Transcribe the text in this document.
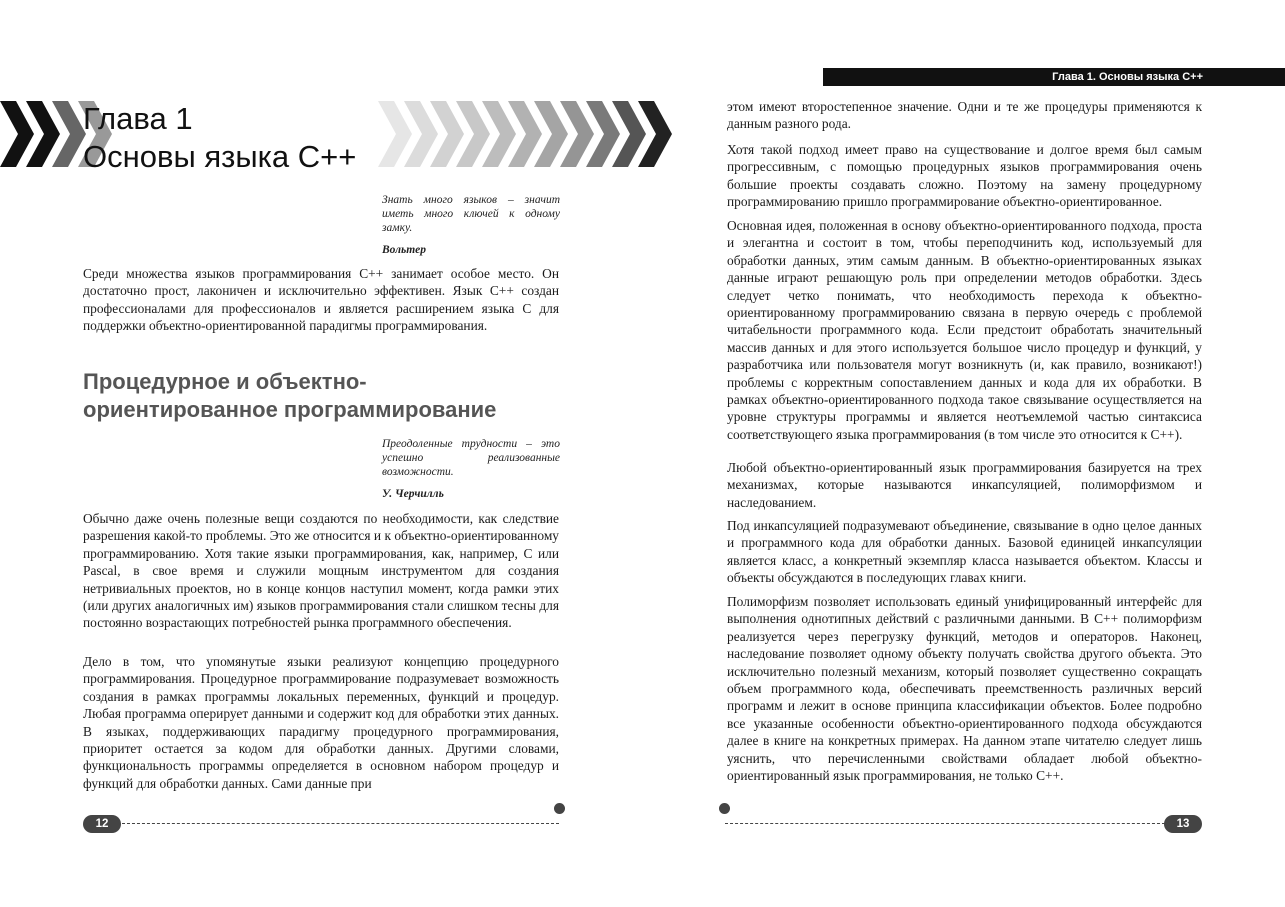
Глава 1
Основы языка С++
Знать много языков – значит иметь много ключей к одному замку.
Вольтер

Среди множества языков программирования С++ занимает особое место. Он достаточно прост, лаконичен и исключительно эффективен. Язык С++ создан профессионалами для профессионалов и является расширением языка С для поддержки объектно-ориентированной парадигмы программирования.

Процедурное и объектно-
ориентированное программирование
Преодоленные трудности – это успешно реализованные возможности.
У. Черчилль

Обычно даже очень полезные вещи создаются по необходимости, как следствие разрешения какой-то проблемы. Это же относится и к объектно-ориентированному программированию. Хотя такие языки программирования, как, например, С или Pascal, в свое время и служили мощным инструментом для создания нетривиальных проектов, но в конце концов наступил момент, когда рамки этих (или других аналогичных им) языков программирования стали слишком тесны для постоянно возрастающих потребностей рынка программного обеспечения.

Дело в том, что упомянутые языки реализуют концепцию процедурного программирования. Процедурное программирование подразумевает возможность создания в рамках программы локальных переменных, функций и процедур. Любая программа оперирует данными и содержит код для обработки этих данных. В языках, поддерживающих парадигму процедурного программирования, приоритет остается за кодом для обработки данных. Другими словами, функциональность программы определяется в основном набором процедур и функций для обработки данных. Сами данные при

12
Глава 1. Основы языка С++

этом имеют второстепенное значение. Одни и те же процедуры применяются к данным разного рода.

Хотя такой подход имеет право на существование и долгое время был самым прогрессивным, с помощью процедурных языков программирования очень большие проекты создавать сложно. Поэтому на замену процедурному программированию пришло программирование объектно-ориентированное.

Основная идея, положенная в основу объектно-ориентированного подхода, проста и элегантна и состоит в том, чтобы переподчинить код, используемый для обработки данных, этим самым данным. В объектно-ориентированных языках данные играют решающую роль при определении методов обработки. Здесь следует четко понимать, что необходимость перехода к объектно-ориентированному программированию связана в первую очередь с проблемой читабельности программного кода. Если предстоит обработать значительный массив данных и для этого используется большое число процедур и функций, у разработчика или пользователя могут возникнуть (и, как правило, возникают!) проблемы с корректным сопоставлением данных и кода для их обработки. В рамках объектно-ориентированного подхода такое связывание осуществляется на уровне структуры программы и является неотъемлемой частью синтаксиса соответствующего языка программирования (в том числе это относится к С++).

Любой объектно-ориентированный язык программирования базируется на трех механизмах, которые называются инкапсуляцией, полиморфизмом и наследованием.

Под инкапсуляцией подразумевают объединение, связывание в одно целое данных и программного кода для обработки данных. Базовой единицей инкапсуляции является класс, а конкретный экземпляр класса называется объектом. Классы и объекты обсуждаются в последующих главах книги.

Полиморфизм позволяет использовать единый унифицированный интерфейс для выполнения однотипных действий с различными данными. В С++ полиморфизм реализуется через перегрузку функций, методов и операторов. Наконец, наследование позволяет одному объекту получать свойства другого объекта. Это исключительно полезный механизм, который позволяет существенно сокращать объем программного кода, обеспечивать преемственность различных версий программ и лежит в основе принципа классификации объектов. Более подробно все указанные особенности объектно-ориентированного подхода обсуждаются далее в книге на конкретных примерах. На данном этапе читателю следует лишь уяснить, что перечисленными свойствами обладает любой объектно-ориентированный язык программирования, не только С++.

13
